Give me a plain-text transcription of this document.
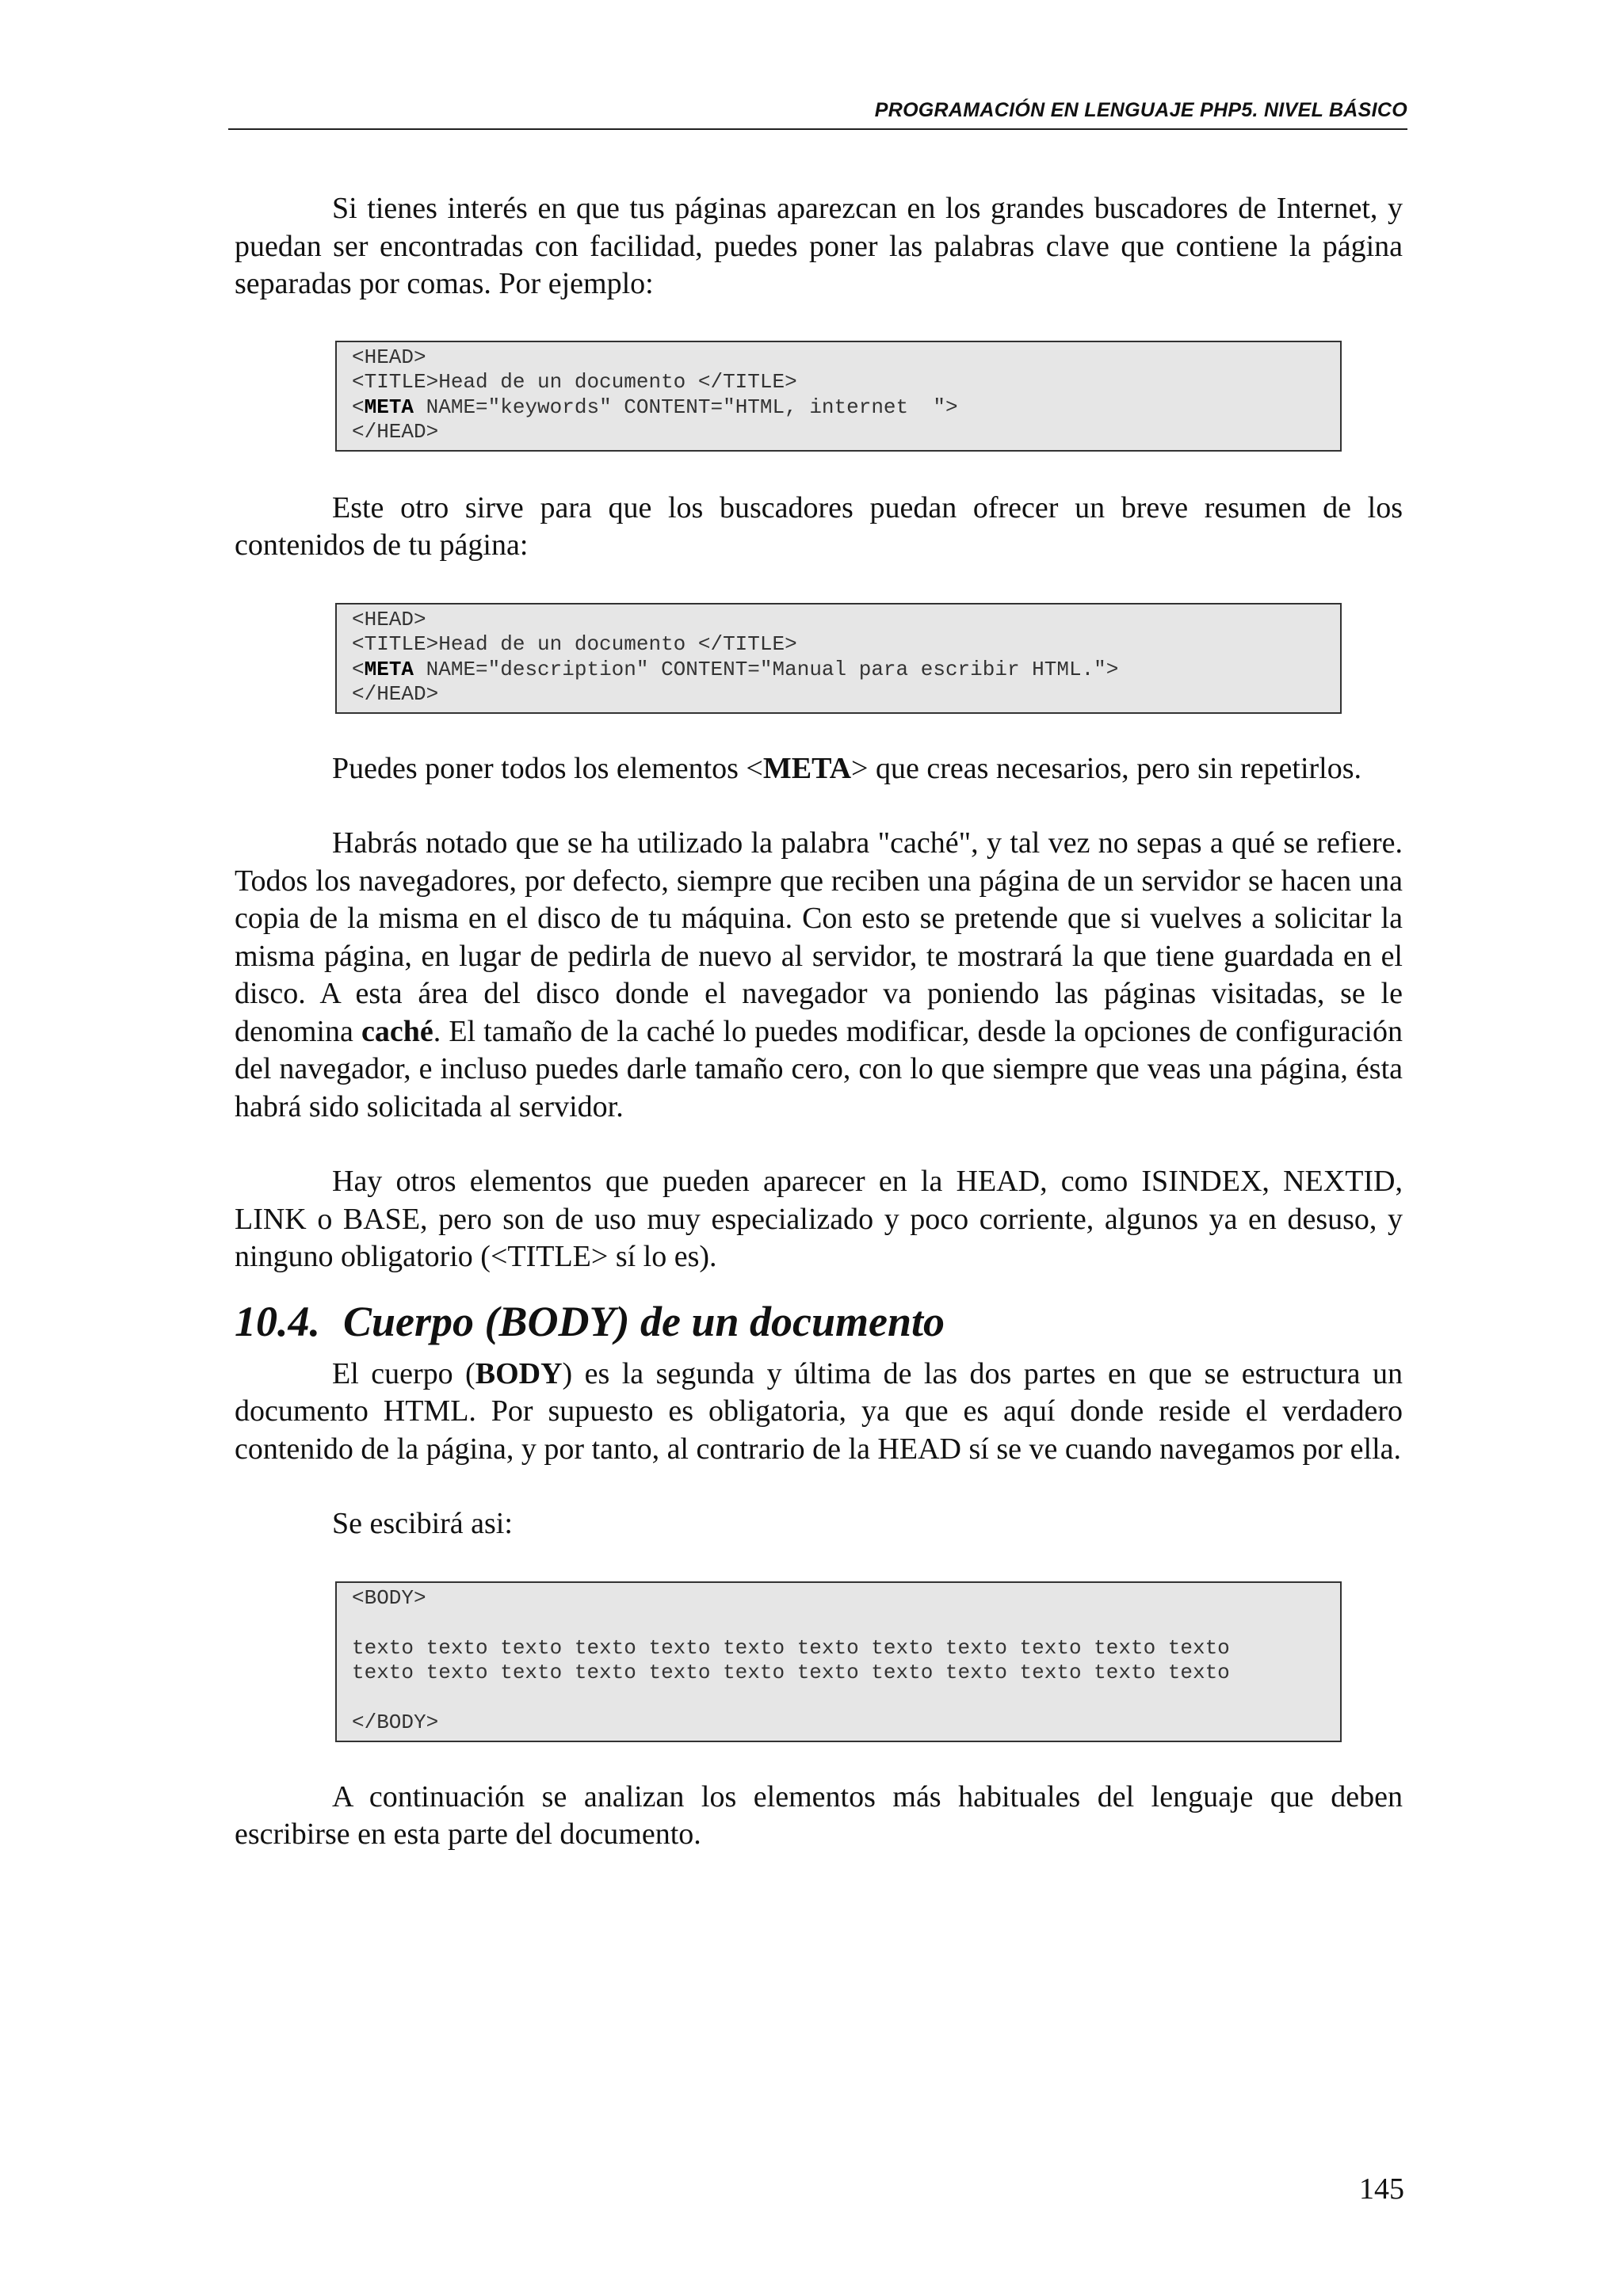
PROGRAMACIÓN EN LENGUAJE PHP5. NIVEL BÁSICO

Si tienes interés en que tus páginas aparezcan en los grandes buscadores de Internet, y puedan ser encontradas con facilidad, puedes poner las palabras clave que contiene la página separadas por comas. Por ejemplo:

<HEAD>
<TITLE>Head de un documento </TITLE>
<META NAME="keywords" CONTENT="HTML, internet  ">
</HEAD>

Este otro sirve para que los buscadores puedan ofrecer un breve resumen de los contenidos de tu página:

<HEAD>
<TITLE>Head de un documento </TITLE>
<META NAME="description" CONTENT="Manual para escribir HTML.">
</HEAD>

Puedes poner todos los elementos <META> que creas necesarios, pero sin repetirlos.

Habrás notado que se ha utilizado la palabra "caché", y tal vez no sepas a qué se refiere. Todos los navegadores, por defecto, siempre que reciben una página de un servidor se hacen una copia de la misma en el disco de tu máquina. Con esto se pretende que si vuelves a solicitar la misma página, en lugar de pedirla de nuevo al servidor, te mostrará la que tiene guardada en el disco. A esta área del disco donde el navegador va poniendo las páginas visitadas, se le denomina caché. El tamaño de la caché lo puedes modificar, desde la opciones de configuración del navegador, e incluso puedes darle tamaño cero, con lo que siempre que veas una página, ésta habrá sido solicitada al servidor.

Hay otros elementos que pueden aparecer en la HEAD, como ISINDEX, NEXTID, LINK o BASE, pero son de uso muy especializado y poco corriente, algunos ya en desuso, y ninguno obligatorio (<TITLE> sí lo es).

10.4. Cuerpo (BODY) de un documento

El cuerpo (BODY) es la segunda y última de las dos partes en que se estructura un documento HTML. Por supuesto es obligatoria, ya que es aquí donde reside el verdadero contenido de la página, y por tanto, al contrario de la HEAD sí se ve cuando navegamos por ella.

Se escibirá asi:

<BODY>
texto texto texto texto texto texto texto texto texto texto texto texto
texto texto texto texto texto texto texto texto texto texto texto texto
</BODY>

A continuación se analizan los elementos más habituales del lenguaje que deben escribirse en esta parte del documento.

145
